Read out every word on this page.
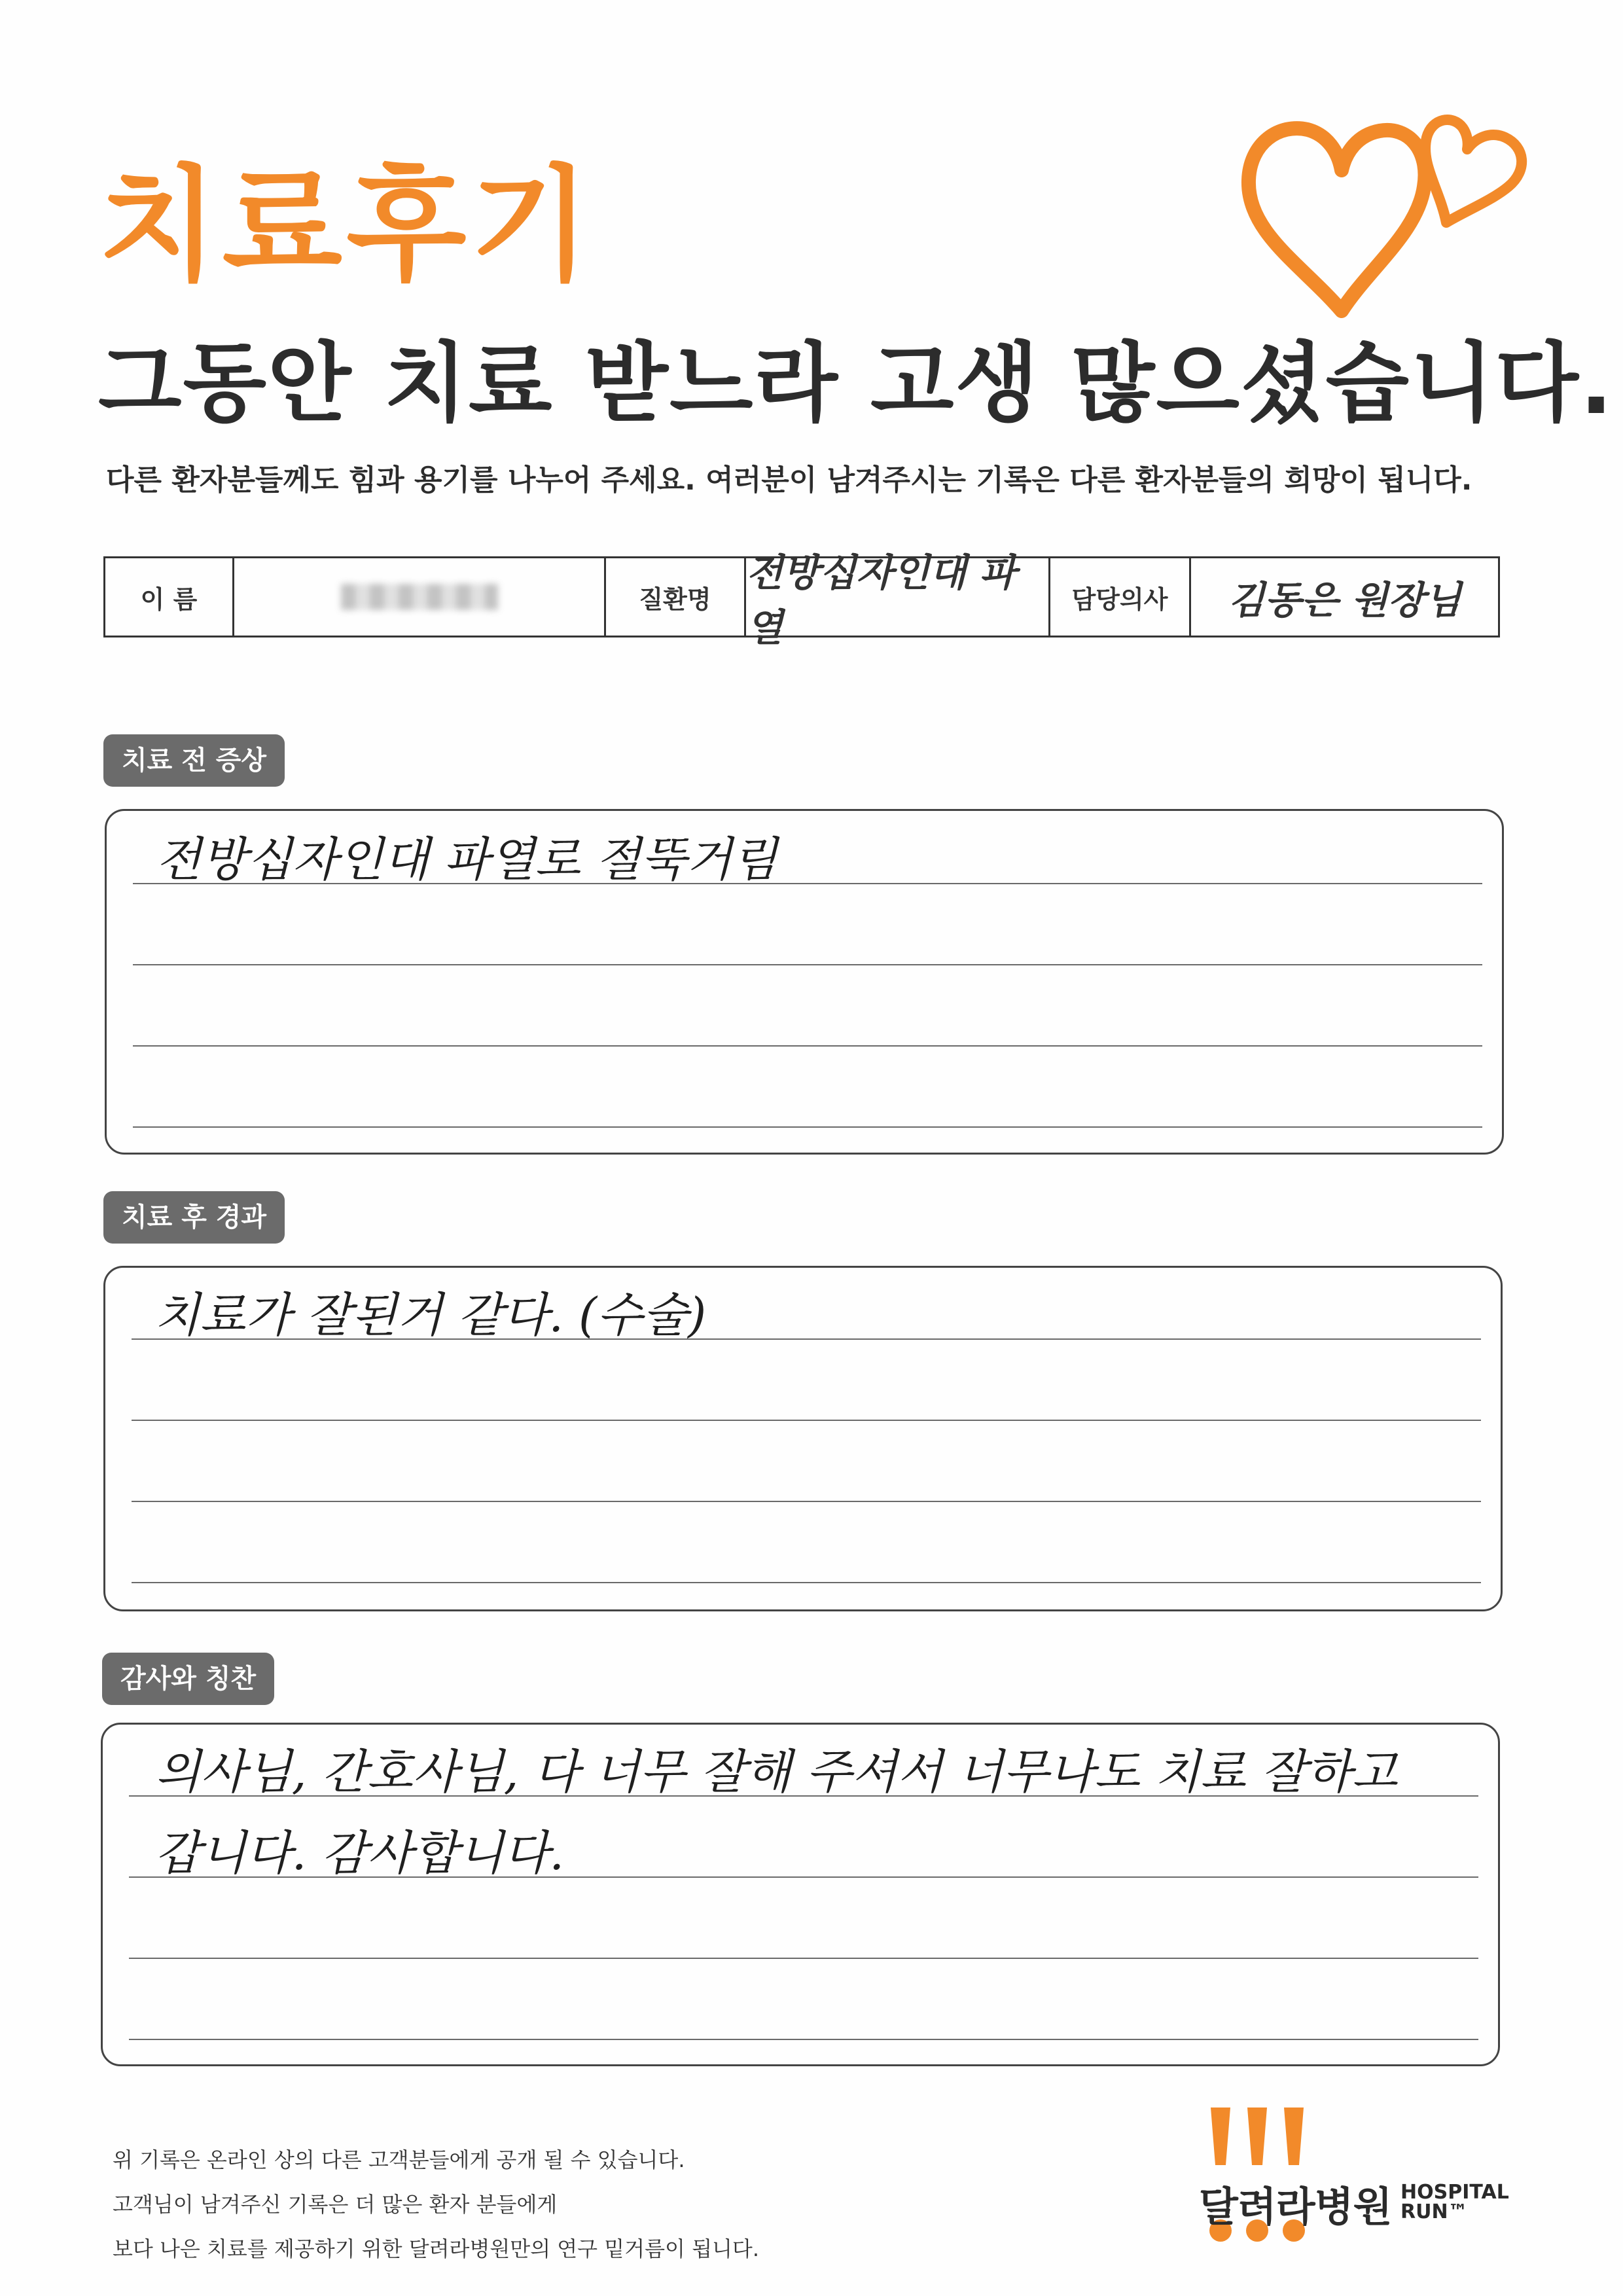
치료후기
그동안 치료 받느라 고생 많으셨습니다.
다른 환자분들께도 힘과 용기를 나누어 주세요. 여러분이 남겨주시는 기록은 다른 환자분들의 희망이 됩니다.
이 름	질환명
전방십자인대 파열
담당의사	김동은 원장님
치료 전 증상
전방십자인대 파열로 절뚝거림
치료 후 경과
치료가 잘된거 같다. (수술)
감사와 칭찬
의사님, 간호사님, 다 너무 잘해 주셔서 너무나도 치료 잘하고
갑니다. 감사합니다.

위 기록은 온라인 상의 다른 고객분들에게 공개 될 수 있습니다.

고객님이 남겨주신 기록은 더 많은 환자 분들에게

보다 나은 치료를 제공하기 위한 달려라병원만의 연구 밑거름이 됩니다.

달려라병원 HOSPITAL
RUN™
